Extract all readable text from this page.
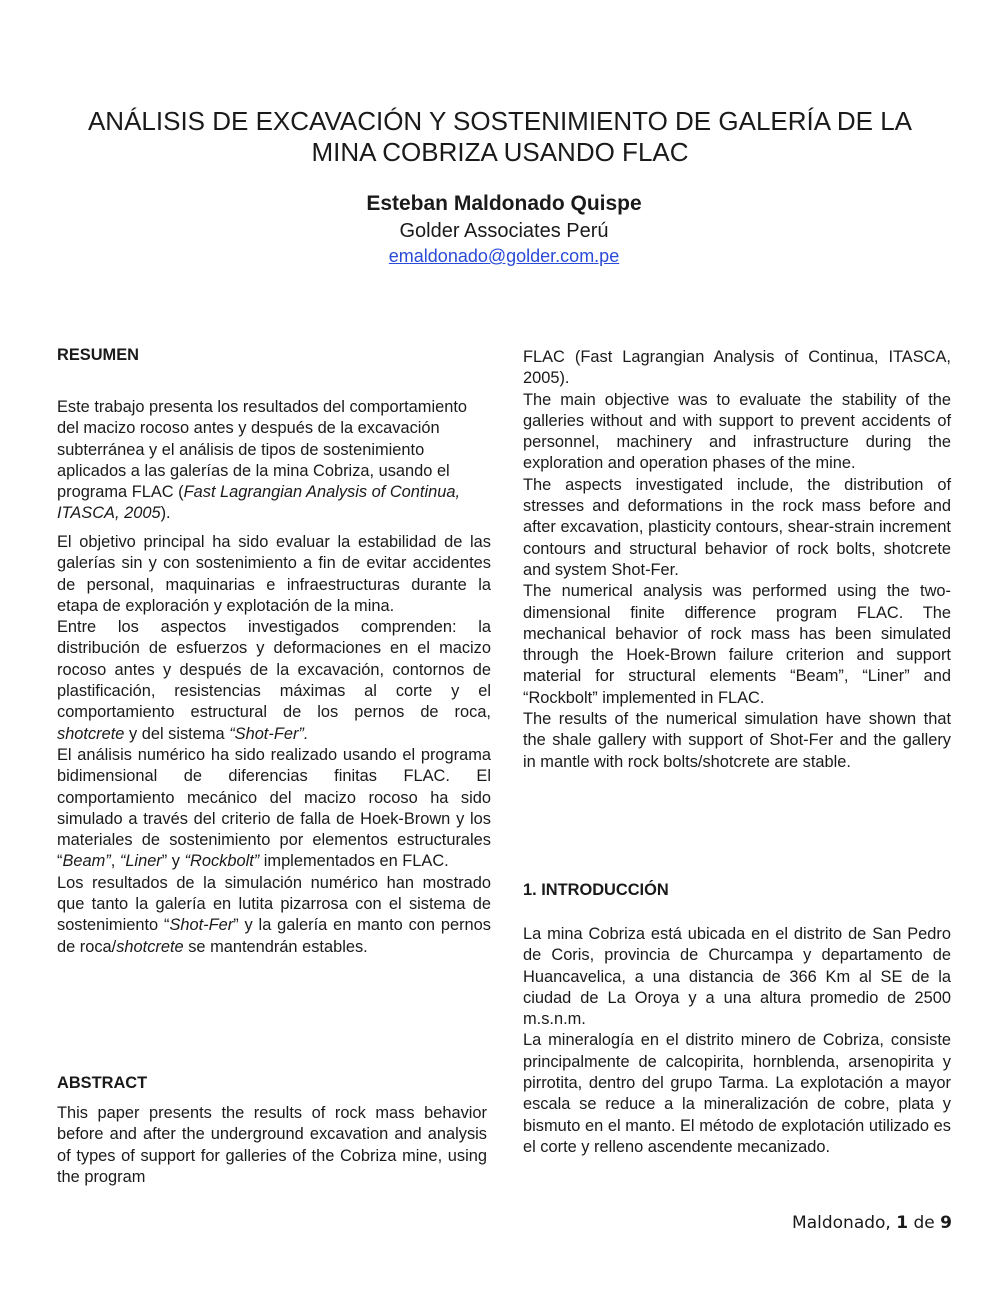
ANÁLISIS DE EXCAVACIÓN Y SOSTENIMIENTO DE GALERÍA DE LA MINA COBRIZA USANDO FLAC
Esteban Maldonado Quispe
Golder Associates Perú
emaldonado@golder.com.pe
RESUMEN

Este trabajo presenta los resultados del comportamiento del macizo rocoso antes y después de la excavación subterránea y el análisis de tipos de sostenimiento aplicados a las galerías de la mina Cobriza, usando el programa FLAC (Fast Lagrangian Analysis of Continua, ITASCA, 2005).

El objetivo principal ha sido evaluar la estabilidad de las galerías sin y con sostenimiento a fin de evitar accidentes de personal, maquinarias e infraestructuras durante la etapa de exploración y explotación de la mina.

Entre los aspectos investigados comprenden: la distribución de esfuerzos y deformaciones en el macizo rocoso antes y después de la excavación, contornos de plastificación, resistencias máximas al corte y el comportamiento estructural de los pernos de roca, shotcrete y del sistema “Shot-Fer”.

El análisis numérico ha sido realizado usando el programa bidimensional de diferencias finitas FLAC. El comportamiento mecánico del macizo rocoso ha sido simulado a través del criterio de falla de Hoek-Brown y los materiales de sostenimiento por elementos estructurales “Beam”, “Liner” y “Rockbolt” implementados en FLAC.

Los resultados de la simulación numérico han mostrado que tanto la galería en lutita pizarrosa con el sistema de sostenimiento “Shot-Fer” y la galería en manto con pernos de roca/shotcrete se mantendrán estables.

ABSTRACT

This paper presents the results of rock mass behavior before and after the underground excavation and analysis of types of support for galleries of the Cobriza mine, using the program

FLAC (Fast Lagrangian Analysis of Continua, ITASCA, 2005).

The main objective was to evaluate the stability of the galleries without and with support to prevent accidents of personnel, machinery and infrastructure during the exploration and operation phases of the mine.

The aspects investigated include, the distribution of stresses and deformations in the rock mass before and after excavation, plasticity contours, shear-strain increment contours and structural behavior of rock bolts, shotcrete and system Shot-Fer.

The numerical analysis was performed using the two-dimensional finite difference program FLAC. The mechanical behavior of rock mass has been simulated through the Hoek-Brown failure criterion and support material for structural elements “Beam”, “Liner” and “Rockbolt” implemented in FLAC.

The results of the numerical simulation have shown that the shale gallery with support of Shot-Fer and the gallery in mantle with rock bolts/shotcrete are stable.

1. INTRODUCCIÓN

La mina Cobriza está ubicada en el distrito de San Pedro de Coris, provincia de Churcampa y departamento de Huancavelica, a una distancia de 366 Km al SE de la ciudad de La Oroya y a una altura promedio de 2500 m.s.n.m.

La mineralogía en el distrito minero de Cobriza, consiste principalmente de calcopirita, hornblenda, arsenopirita y pirrotita, dentro del grupo Tarma. La explotación a mayor escala se reduce a la mineralización de cobre, plata y bismuto en el manto. El método de explotación utilizado es el corte y relleno ascendente mecanizado.

Maldonado, 1 de 9
